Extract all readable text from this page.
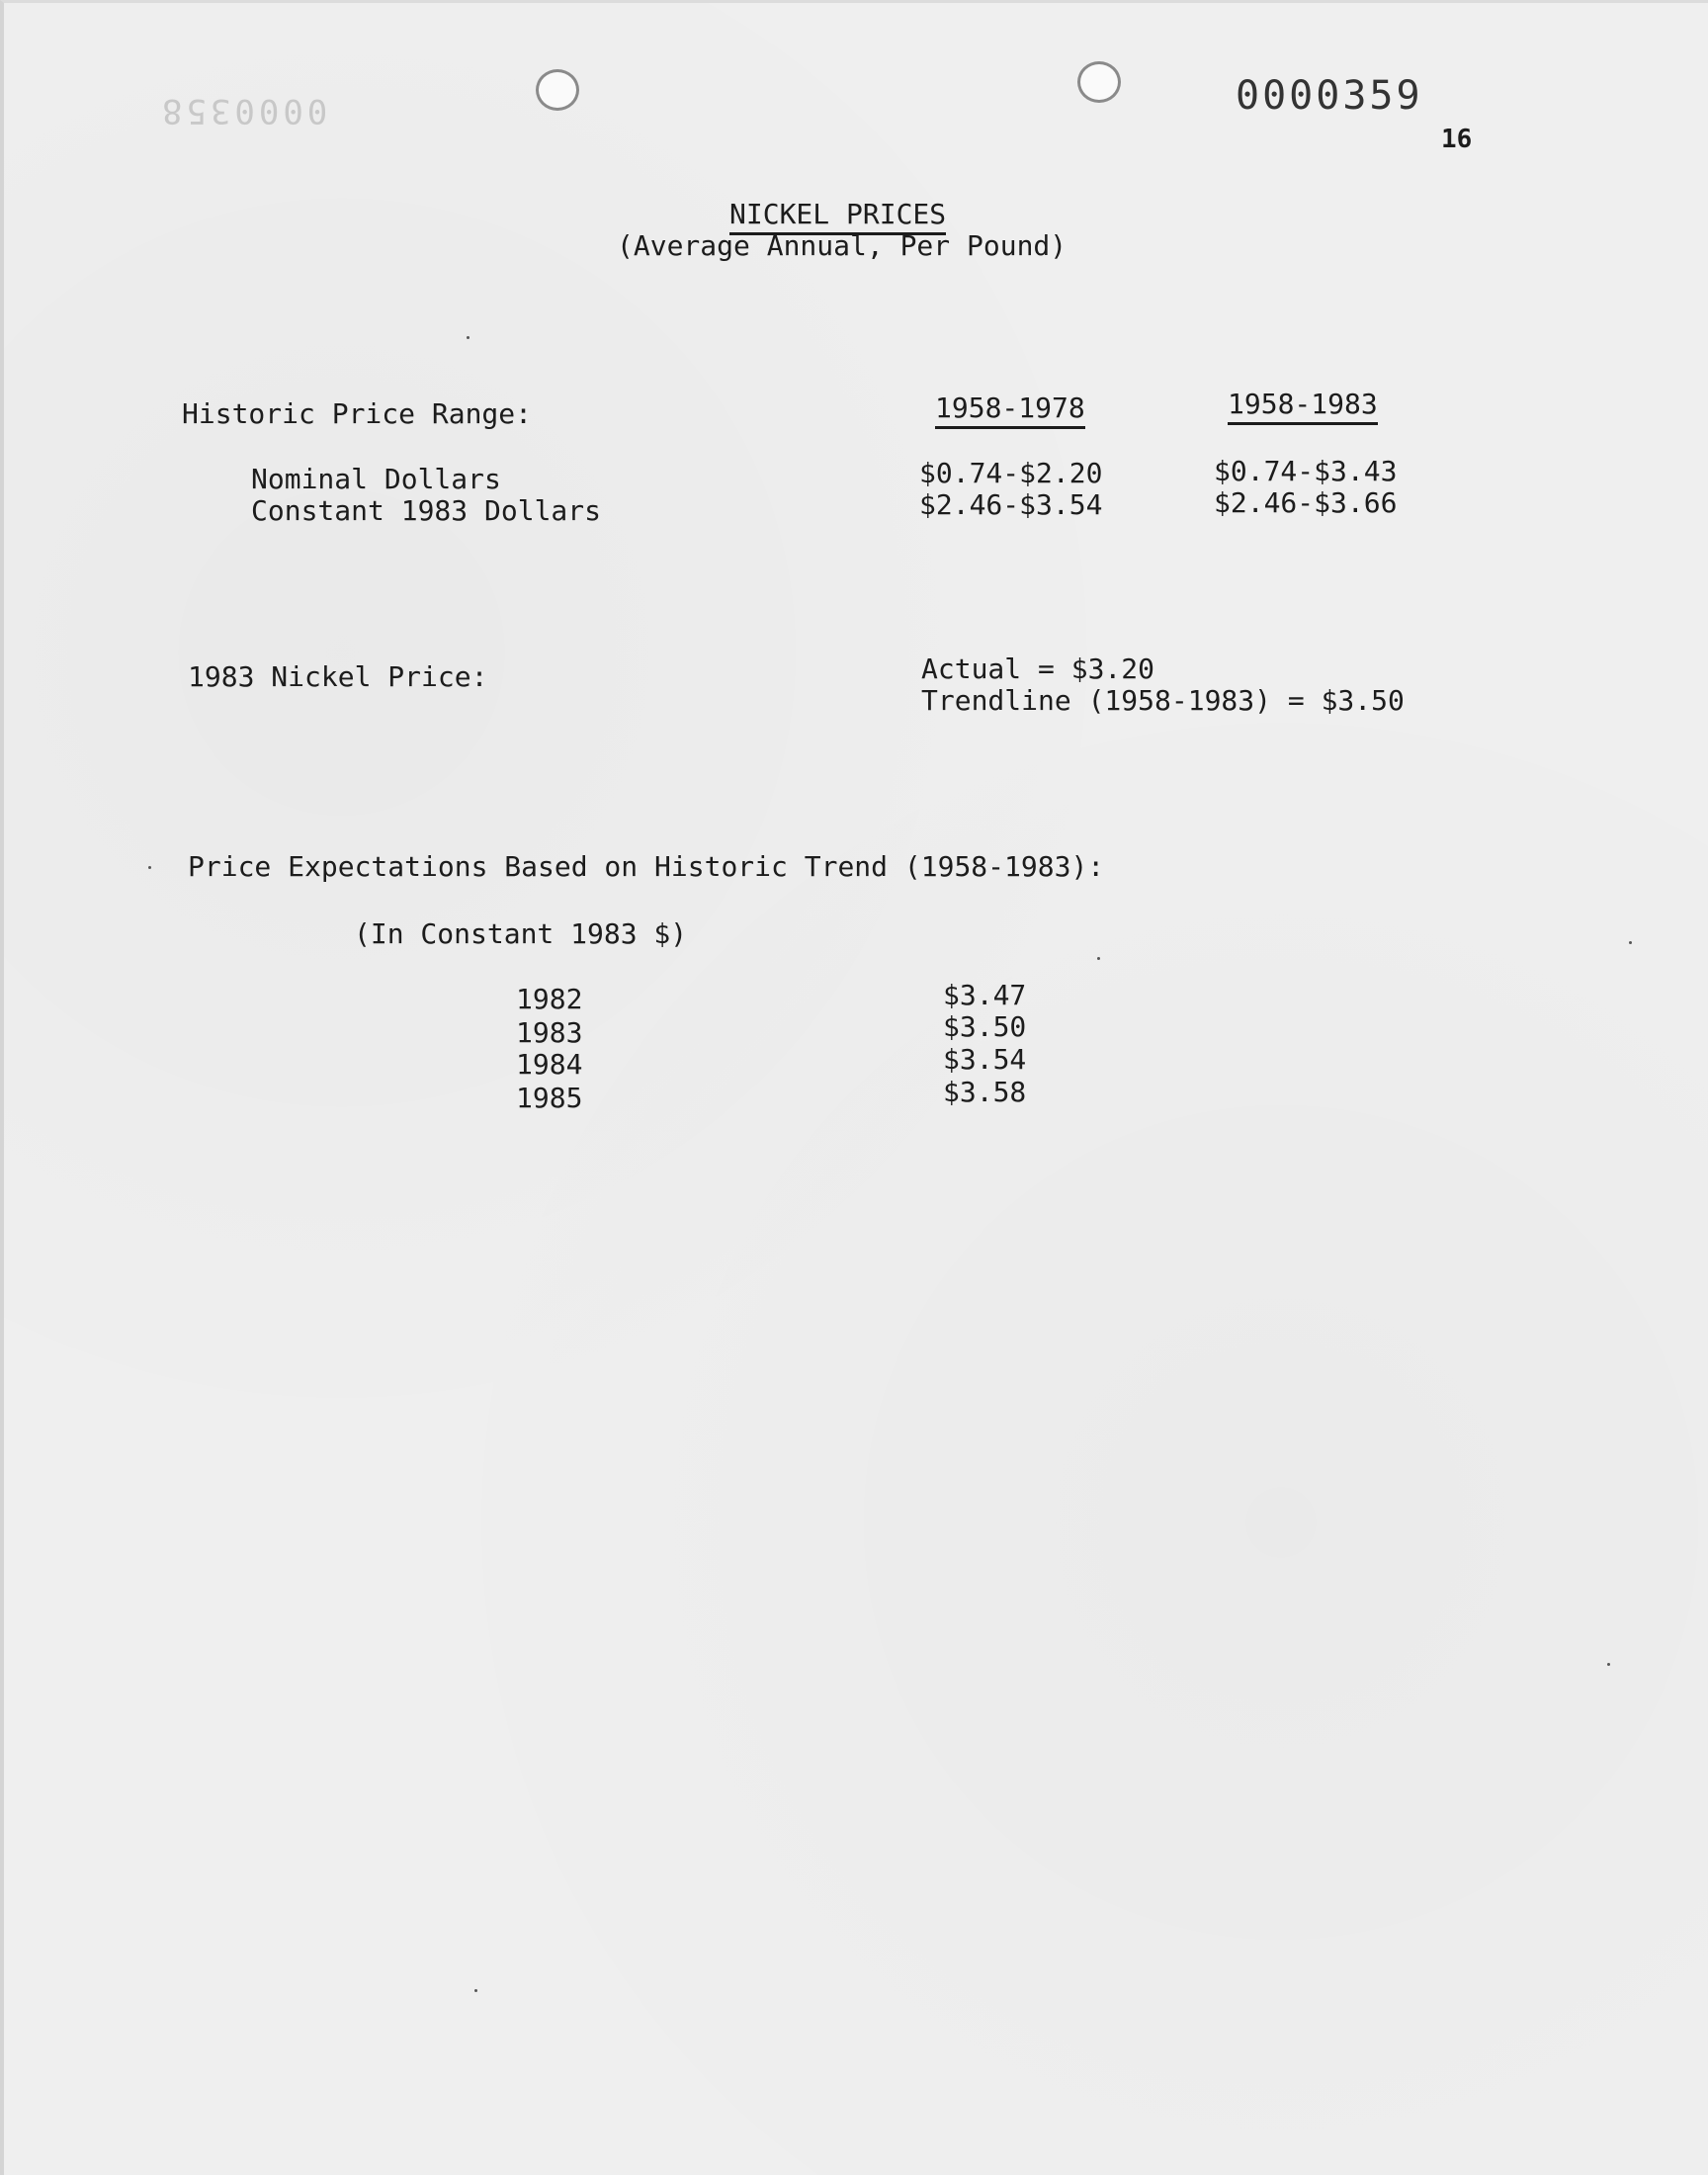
0000358	0000359
16
NICKEL PRICES
(Average Annual, Per Pound)
Historic Price Range:	1958-1978	1958-1983
Nominal Dollars	$0.74-$2.20	$0.74-$3.43
Constant 1983 Dollars	$2.46-$3.54	$2.46-$3.66
1983 Nickel Price:	Actual = $3.20
Trendline (1958-1983) = $3.50
Price Expectations Based on Historic Trend (1958-1983):
(In Constant 1983 $)
1982	$3.47
1983	$3.50
1984	$3.54
1985	$3.58
